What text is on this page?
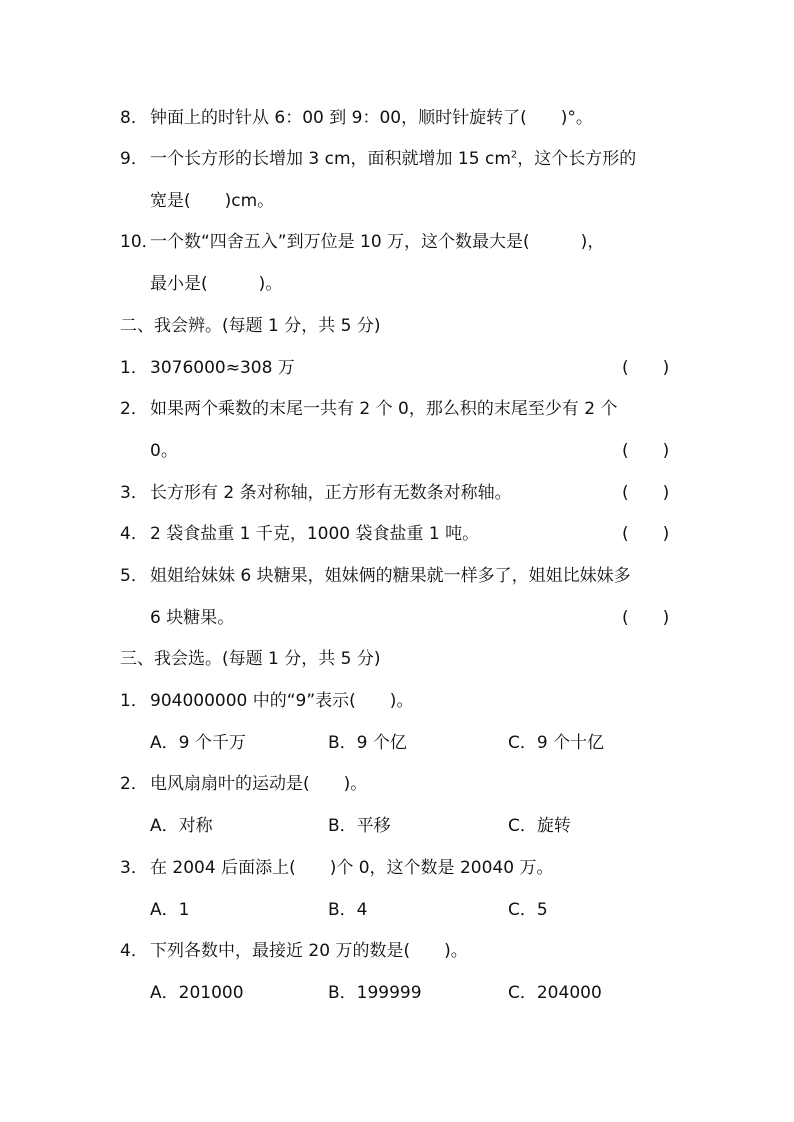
8． 钟面上的时针从 6：00 到 9：00，顺时针旋转了(　　)°。
9． 一个长方形的长增加 3 cm，面积就增加 15 $cm^2$，这个长方形的
宽是(　　)cm。
10．
一个数“四舍五入”到万位是 10 万，这个数最大是(　　　)，
最小是(　　　)。
二、我会辨。(每题 1 分，共 5 分)
1． 3076000≈308 万	(　　)
2． 如果两个乘数的末尾一共有 2 个 0，那么积的末尾至少有 2 个
0。	(　　)
3． 长方形有 2 条对称轴，正方形有无数条对称轴。	(　　)
4． 2 袋食盐重 1 千克，1000 袋食盐重 1 吨。	(　　)
5． 姐姐给妹妹 6 块糖果，姐妹俩的糖果就一样多了，姐姐比妹妹多
6 块糖果。	(　　)
三、我会选。(每题 1 分，共 5 分)
1． 904000000 中的“9”表示(　　)。
A．9 个千万	B．9 个亿	C．9 个十亿
2． 电风扇扇叶的运动是(　　)。
A．对称	B．平移	C．旋转
3． 在 2004 后面添上(　　)个 0，这个数是 20040 万。
A．1	B．4	C．5
4． 下列各数中，最接近 20 万的数是(　　)。
A．201000	B．199999	C．204000
